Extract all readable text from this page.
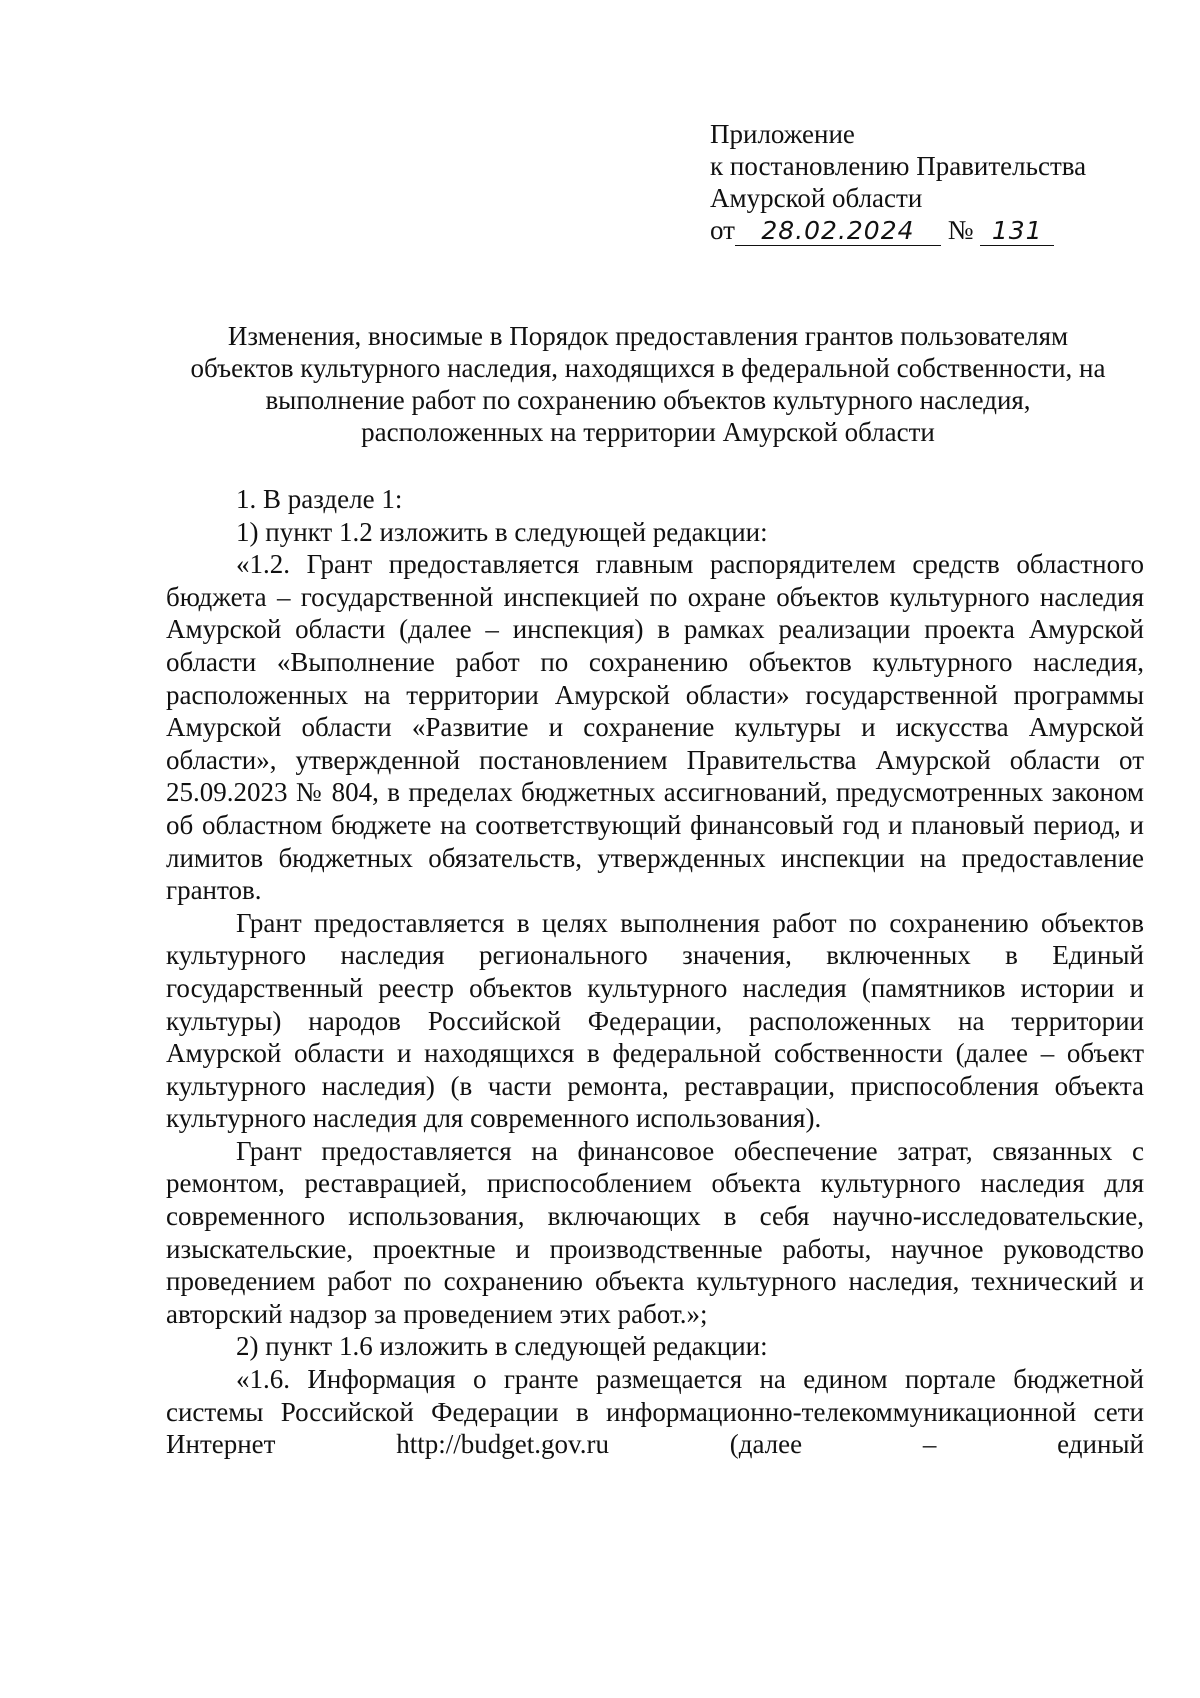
Приложение
к постановлению Правительства
Амурской области
от 28.02.2024 № 131
Изменения, вносимые в Порядок предоставления грантов пользователям
объектов культурного наследия, находящихся в федеральной собственности, на
выполнение работ по сохранению объектов культурного наследия,
расположенных на территории Амурской области

1. В разделе 1:

1) пункт 1.2 изложить в следующей редакции:

«1.2. Грант предоставляется главным распорядителем средств областного бюджета – государственной инспекцией по охране объектов культурного наследия Амурской области (далее – инспекция) в рамках реализации проекта Амурской области «Выполнение работ по сохранению объектов культурного наследия, расположенных на территории Амурской области» государственной программы Амурской области «Развитие и сохранение культуры и искусства Амурской области», утвержденной постановлением Правительства Амурской области от 25.09.2023 № 804, в пределах бюджетных ассигнований, предусмотренных законом об областном бюджете на соответствующий финансовый год и плановый период, и лимитов бюджетных обязательств, утвержденных инспекции на предоставление грантов.

Грант предоставляется в целях выполнения работ по сохранению объектов культурного наследия регионального значения, включенных в Единый государственный реестр объектов культурного наследия (памятников истории и культуры) народов Российской Федерации, расположенных на территории Амурской области и находящихся в федеральной собственности (далее – объект культурного наследия) (в части ремонта, реставрации, приспособления объекта культурного наследия для современного использования).

Грант предоставляется на финансовое обеспечение затрат, связанных с ремонтом, реставрацией, приспособлением объекта культурного наследия для современного использования, включающих в себя научно-исследовательские, изыскательские, проектные и производственные работы, научное руководство проведением работ по сохранению объекта культурного наследия, технический и авторский надзор за проведением этих работ.»;

2) пункт 1.6 изложить в следующей редакции:

«1.6. Информация о гранте размещается на едином портале бюджетной системы Российской Федерации в информационно-телекоммуникационной сети Интернет http://budget.gov.ru (далее – единый
